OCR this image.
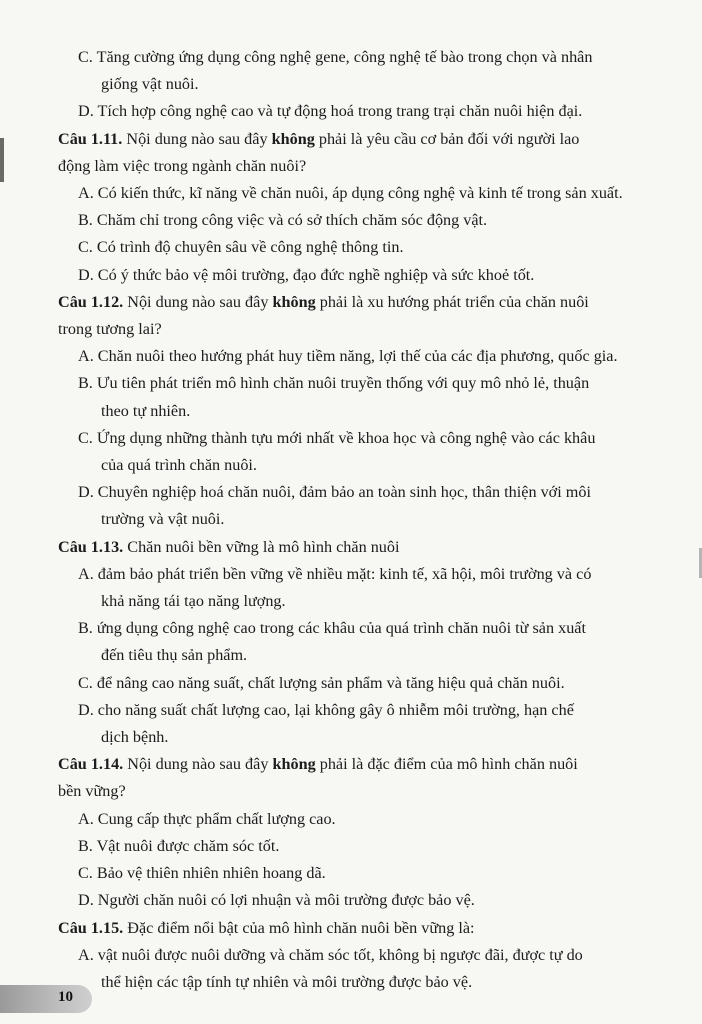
C. Tăng cường ứng dụng công nghệ gene, công nghệ tế bào trong chọn và nhân
giống vật nuôi.
D. Tích hợp công nghệ cao và tự động hoá trong trang trại chăn nuôi hiện đại.
Câu 1.11. Nội dung nào sau đây không phải là yêu cầu cơ bản đối với người lao
động làm việc trong ngành chăn nuôi?
A. Có kiến thức, kĩ năng về chăn nuôi, áp dụng công nghệ và kinh tế trong sản xuất.
B. Chăm chỉ trong công việc và có sở thích chăm sóc động vật.
C. Có trình độ chuyên sâu về công nghệ thông tin.
D. Có ý thức bảo vệ môi trường, đạo đức nghề nghiệp và sức khoẻ tốt.
Câu 1.12. Nội dung nào sau đây không phải là xu hướng phát triển của chăn nuôi
trong tương lai?
A. Chăn nuôi theo hướng phát huy tiềm năng, lợi thế của các địa phương, quốc gia.
B. Ưu tiên phát triển mô hình chăn nuôi truyền thống với quy mô nhỏ lẻ, thuận
theo tự nhiên.
C. Ứng dụng những thành tựu mới nhất về khoa học và công nghệ vào các khâu
của quá trình chăn nuôi.
D. Chuyên nghiệp hoá chăn nuôi, đảm bảo an toàn sinh học, thân thiện với môi
trường và vật nuôi.
Câu 1.13. Chăn nuôi bền vững là mô hình chăn nuôi
A. đảm bảo phát triển bền vững về nhiều mặt: kinh tế, xã hội, môi trường và có
khả năng tái tạo năng lượng.
B. ứng dụng công nghệ cao trong các khâu của quá trình chăn nuôi từ sản xuất
đến tiêu thụ sản phẩm.
C. để nâng cao năng suất, chất lượng sản phẩm và tăng hiệu quả chăn nuôi.
D. cho năng suất chất lượng cao, lại không gây ô nhiễm môi trường, hạn chế
dịch bệnh.
Câu 1.14. Nội dung nào sau đây không phải là đặc điểm của mô hình chăn nuôi
bền vững?
A. Cung cấp thực phẩm chất lượng cao.
B. Vật nuôi được chăm sóc tốt.
C. Bảo vệ thiên nhiên nhiên hoang dã.
D. Người chăn nuôi có lợi nhuận và môi trường được bảo vệ.
Câu 1.15. Đặc điểm nổi bật của mô hình chăn nuôi bền vững là:
A. vật nuôi được nuôi dưỡng và chăm sóc tốt, không bị ngược đãi, được tự do
thể hiện các tập tính tự nhiên và môi trường được bảo vệ.
10
